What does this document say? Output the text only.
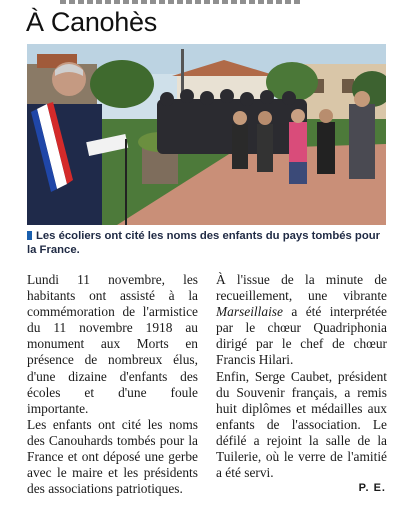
À Canohès
Les écoliers ont cité les noms des enfants du pays tombés pour la France.

Lundi 11 novembre, les habitants ont assisté à la commémoration de l'armistice du 11 novembre 1918 au monument aux Morts en présence de nombreux élus, d'une dizaine d'enfants des écoles et d'une foule importante.

Les enfants ont cité les noms des Canouhards tombés pour la France et ont déposé une gerbe avec le maire et les présidents des associations patriotiques.

À l'issue de la minute de recueillement, une vibrante Marseillaise a été interprétée par le chœur Quadriphonia dirigé par le chef de chœur Francis Hilari.

Enfin, Serge Caubet, président du Souvenir français, a remis huit diplômes et médailles aux enfants de l'association. Le défilé a rejoint la salle de la Tuilerie, où le verre de l'amitié a été servi.

P. E.
